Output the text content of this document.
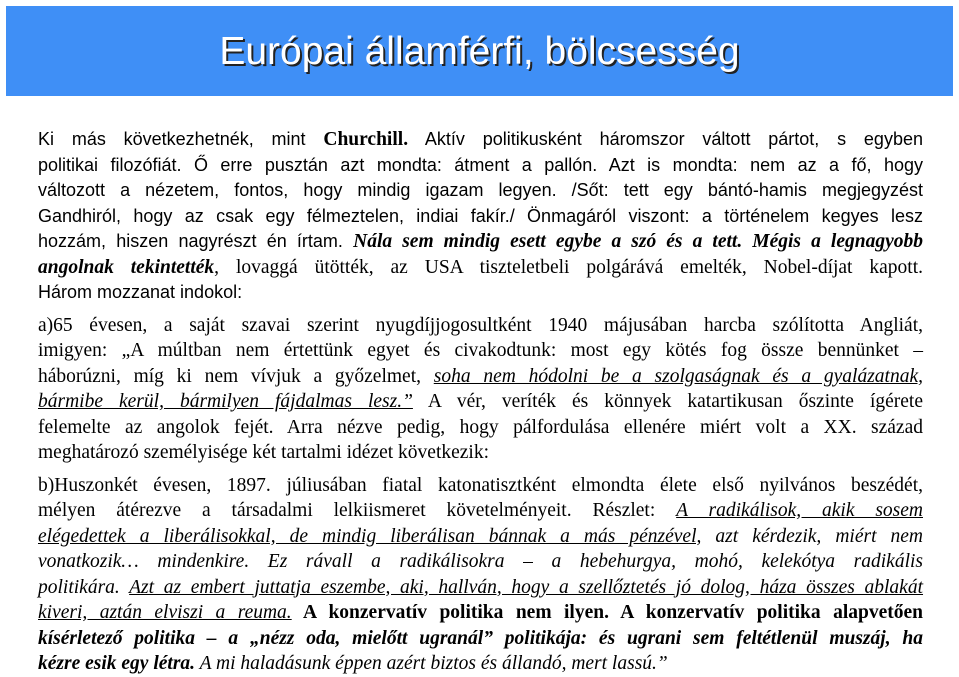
Európai államférfi, bölcsesség
Ki más következhetnék, mint Churchill. Aktív politikusként háromszor váltott pártot, s egyben
politikai filozófiát. Ő erre pusztán azt mondta: átment a pallón. Azt is mondta: nem az a fő, hogy
változott a nézetem, fontos, hogy mindig igazam legyen. /Sőt: tett egy bántó-hamis megjegyzést
Gandhiról, hogy az csak egy félmeztelen, indiai fakír./ Önmagáról viszont: a történelem kegyes lesz
hozzám, hiszen nagyrészt én írtam. Nála sem mindig esett egybe a szó és a tett. Mégis a legnagyobb
angolnak tekintették, lovaggá ütötték, az USA tiszteletbeli polgárává emelték, Nobel-díjat kapott.
Három mozzanat indokol:
a)65 évesen, a saját szavai szerint nyugdíjjogosultként 1940 májusában harcba szólította Angliát,
imigyen: „A múltban nem értettünk egyet és civakodtunk: most egy kötés fog össze bennünket –
háborúzni, míg ki nem vívjuk a győzelmet, soha nem hódolni be a szolgaságnak és a gyalázatnak,
bármibe kerül, bármilyen fájdalmas lesz.” A vér, veríték és könnyek katartikusan őszinte ígérete
felemelte az angolok fejét. Arra nézve pedig, hogy pálfordulása ellenére miért volt a XX. század
meghatározó személyisége két tartalmi idézet következik:
b)Huszonkét évesen, 1897. júliusában fiatal katonatisztként elmondta élete első nyilvános beszédét,
mélyen átérezve a társadalmi lelkiismeret követelményeit. Részlet: A radikálisok, akik sosem
elégedettek a liberálisokkal, de mindig liberálisan bánnak a más pénzével, azt kérdezik, miért nem
vonatkozik… mindenkire. Ez rávall a radikálisokra – a hebehurgya, mohó, kelekótya radikális
politikára. Azt az embert juttatja eszembe, aki, hallván, hogy a szellőztetés jó dolog, háza összes ablakát
kiveri, aztán elviszi a reuma. A konzervatív politika nem ilyen. A konzervatív politika alapvetően
kísérletező politika – a „nézz oda, mielőtt ugranál” politikája: és ugrani sem feltétlenül muszáj, ha
kézre esik egy létra. A mi haladásunk éppen azért biztos és állandó, mert lassú.”
